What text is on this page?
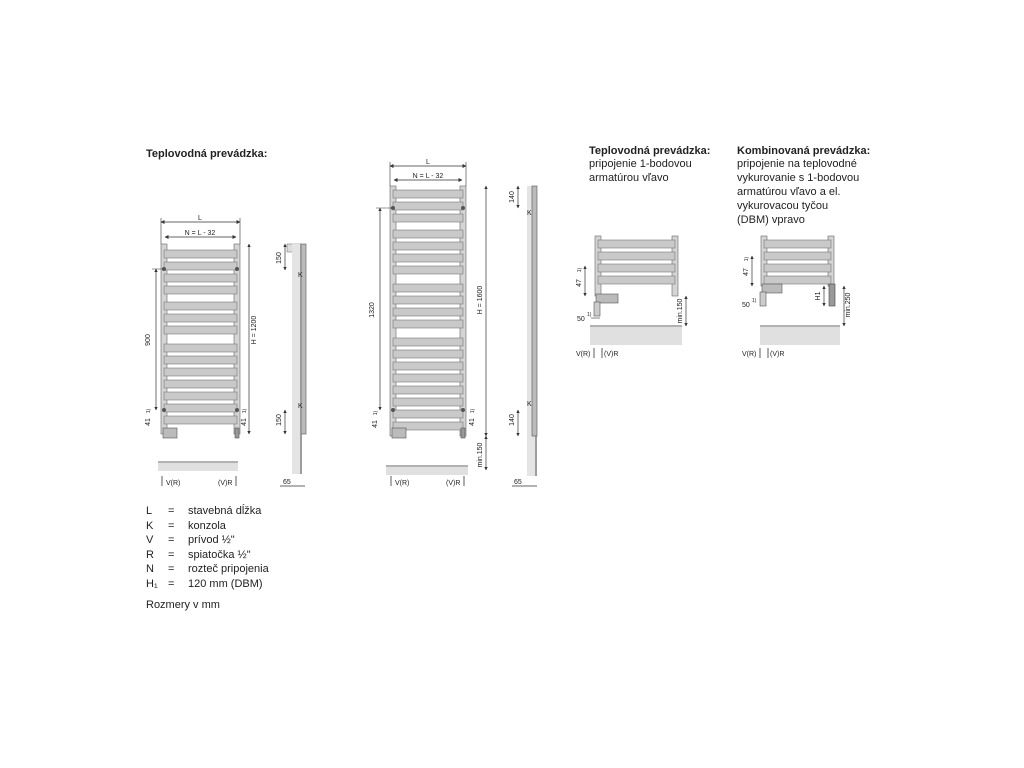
Teplovodná prevádzka:	Teplovodná prevádzka:
pripojenie 1-bodovou
armatúrou vľavo
Kombinovaná prevádzka:
pripojenie na teplovodné
vykurovanie s 1-bodovou
armatúrou vľavo a el.
vykurovacou tyčou
(DBM) vpravo
L
N = L - 32
900
41
1)
H = 1200
41
1)
V(R)	(V)R
K
K
150
150
65
L
N = L - 32
1320
41
1)
H = 1600
41
1)
min.150
V(R)	(V)R
K
K
140
140
65
47
1)
50
1)	min.150
V(R) (V)R
47
1)
50
1)
H1	min.250
V(R) (V)R
L	=	stavebná dĺžka
K	=	konzola
V	=	prívod ½"
R	=	spiatočka ½"
N	=	rozteč pripojenia
H₁ =	120 mm (DBM)
Rozmery v mm
